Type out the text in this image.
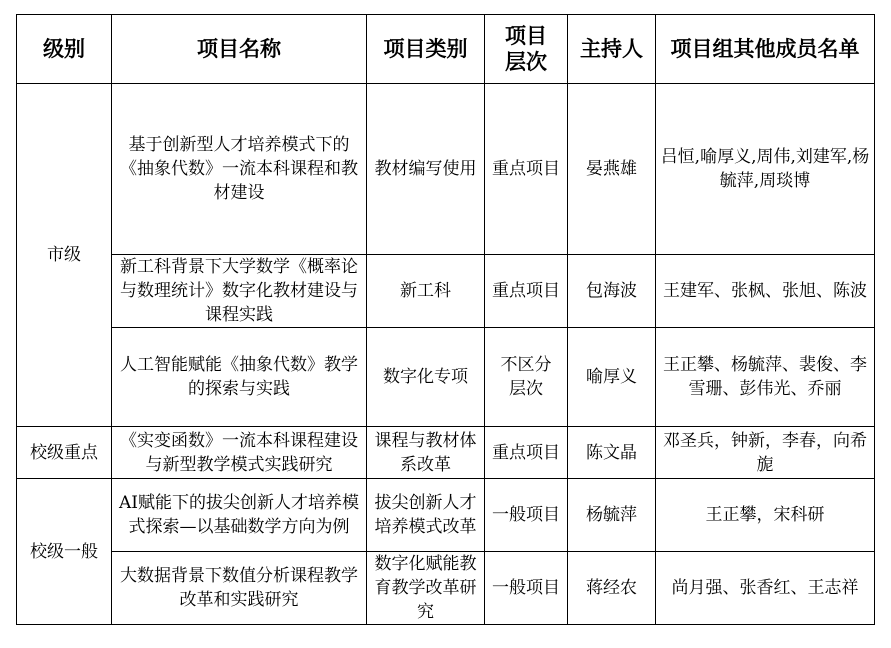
级别	项目名称	项目类别	项目层次	主持人	项目组其他成员名单
市级	基于创新型人才培养模式下的《抽象代数》一流本科课程和教材建设	教材编写使用	重点项目	晏燕雄	吕恒,喻厚义,周伟,刘建军,杨毓萍,周琰博
	新工科背景下大学数学《概率论与数理统计》数字化教材建设与课程实践	新工科	重点项目	包海波	王建军、张枫、张旭、陈波
	人工智能赋能《抽象代数》教学的探索与实践	数字化专项	不区分层次	喻厚义	王正攀、杨毓萍、裴俊、李雪珊、彭伟光、乔丽
校级重点	《实变函数》一流本科课程建设与新型教学模式实践研究	课程与教材体系改革	重点项目	陈文晶	邓圣兵，钟新，李春，向希旎
校级一般	AI赋能下的拔尖创新人才培养模式探索—以基础数学方向为例	拔尖创新人才培养模式改革	一般项目	杨毓萍	王正攀，宋科研
	大数据背景下数值分析课程教学改革和实践研究	数字化赋能教育教学改革研究	一般项目	蒋经农	尚月强、张香红、王志祥
